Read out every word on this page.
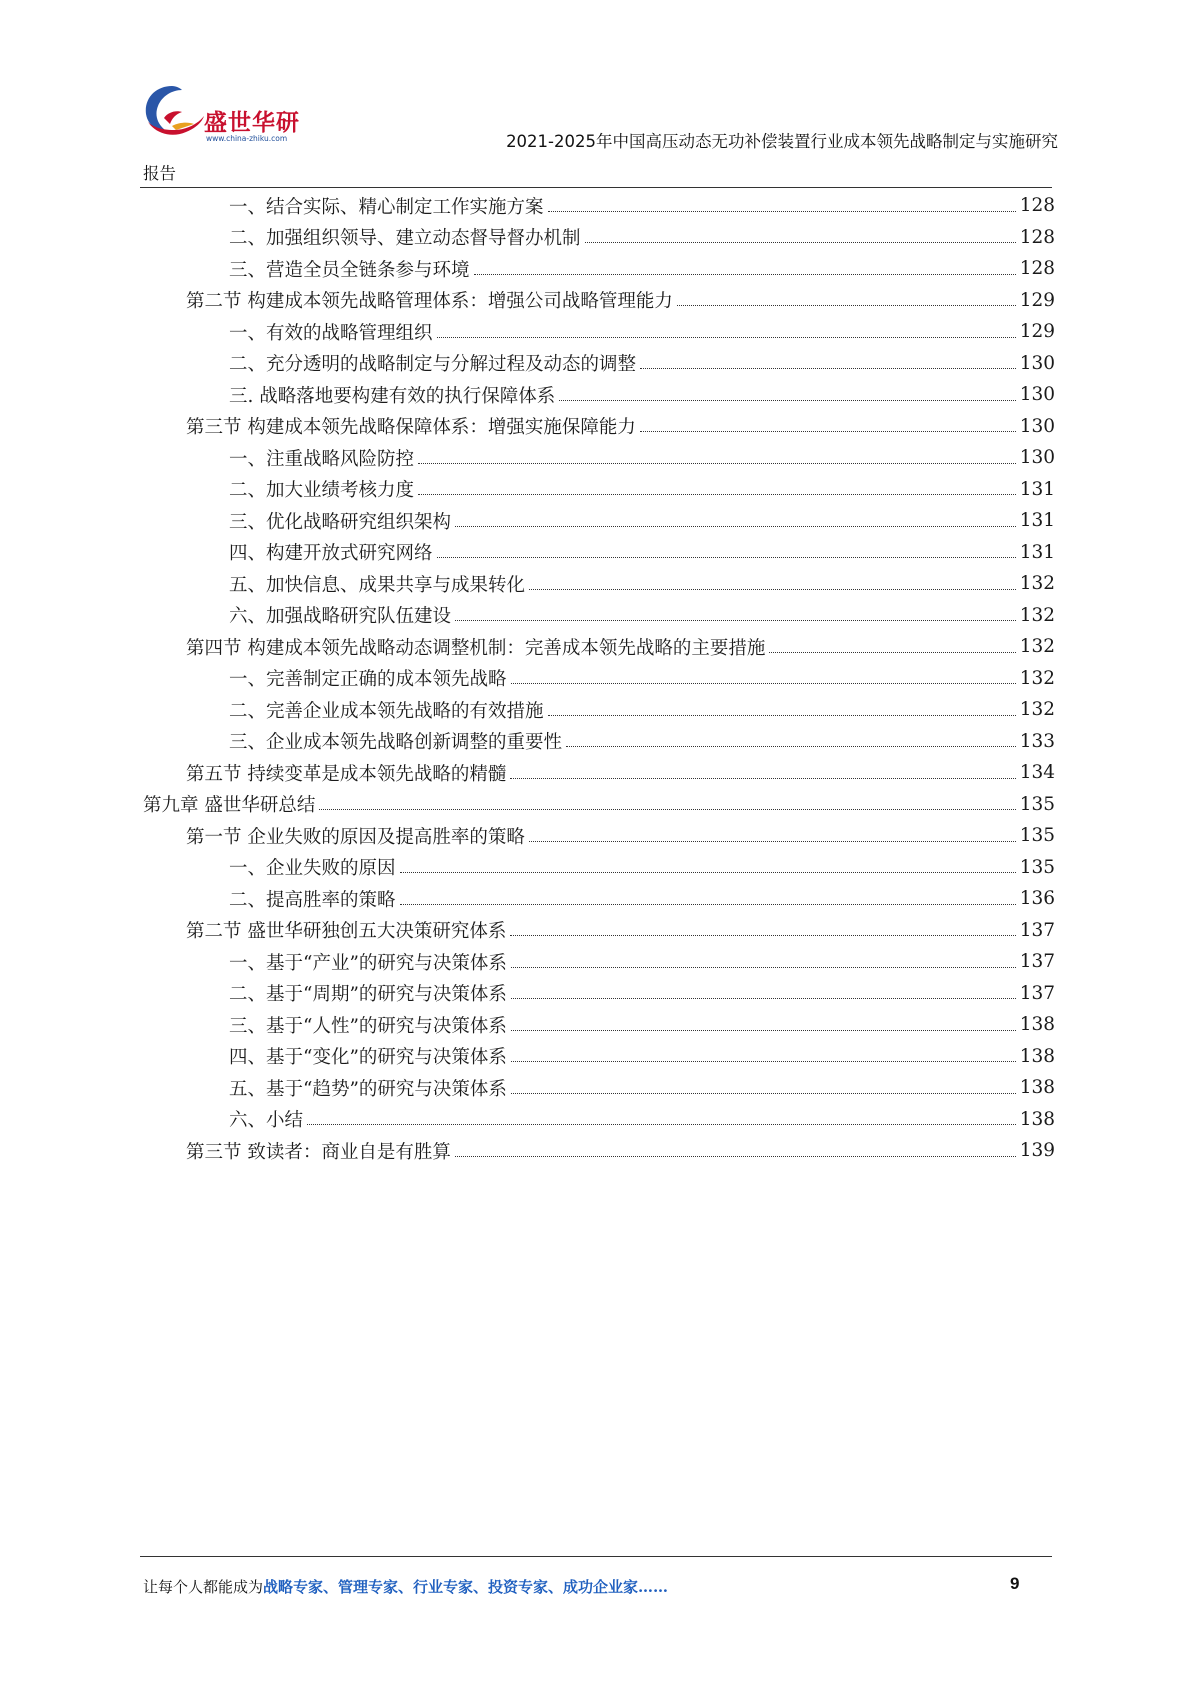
盛世华研
www.china-zhiku.com	2021-2025年中国高压动态无功补偿装置行业成本领先战略制定与实施研究
报告
一、结合实际、精心制定工作实施方案	128
二、加强组织领导、建立动态督导督办机制	128
三、营造全员全链条参与环境	128
第二节 构建成本领先战略管理体系：增强公司战略管理能力	129
一、有效的战略管理组织	129
二、充分透明的战略制定与分解过程及动态的调整	130
三. 战略落地要构建有效的执行保障体系	130
第三节 构建成本领先战略保障体系：增强实施保障能力	130
一、注重战略风险防控	130
二、加大业绩考核力度	131
三、优化战略研究组织架构	131
四、构建开放式研究网络	131
五、加快信息、成果共享与成果转化	132
六、加强战略研究队伍建设	132
第四节 构建成本领先战略动态调整机制：完善成本领先战略的主要措施	132
一、完善制定正确的成本领先战略	132
二、完善企业成本领先战略的有效措施	132
三、企业成本领先战略创新调整的重要性	133
第五节 持续变革是成本领先战略的精髓	134
第九章 盛世华研总结	135
第一节 企业失败的原因及提高胜率的策略	135
一、企业失败的原因	135
二、提高胜率的策略	136
第二节 盛世华研独创五大决策研究体系	137
一、基于“产业”的研究与决策体系	137
二、基于“周期”的研究与决策体系	137
三、基于“人性”的研究与决策体系	138
四、基于“变化”的研究与决策体系	138
五、基于“趋势”的研究与决策体系	138
六、小结	138
第三节 致读者：商业自是有胜算	139
让每个人都能成为战略专家、管理专家、行业专家、投资专家、成功企业家……	9
